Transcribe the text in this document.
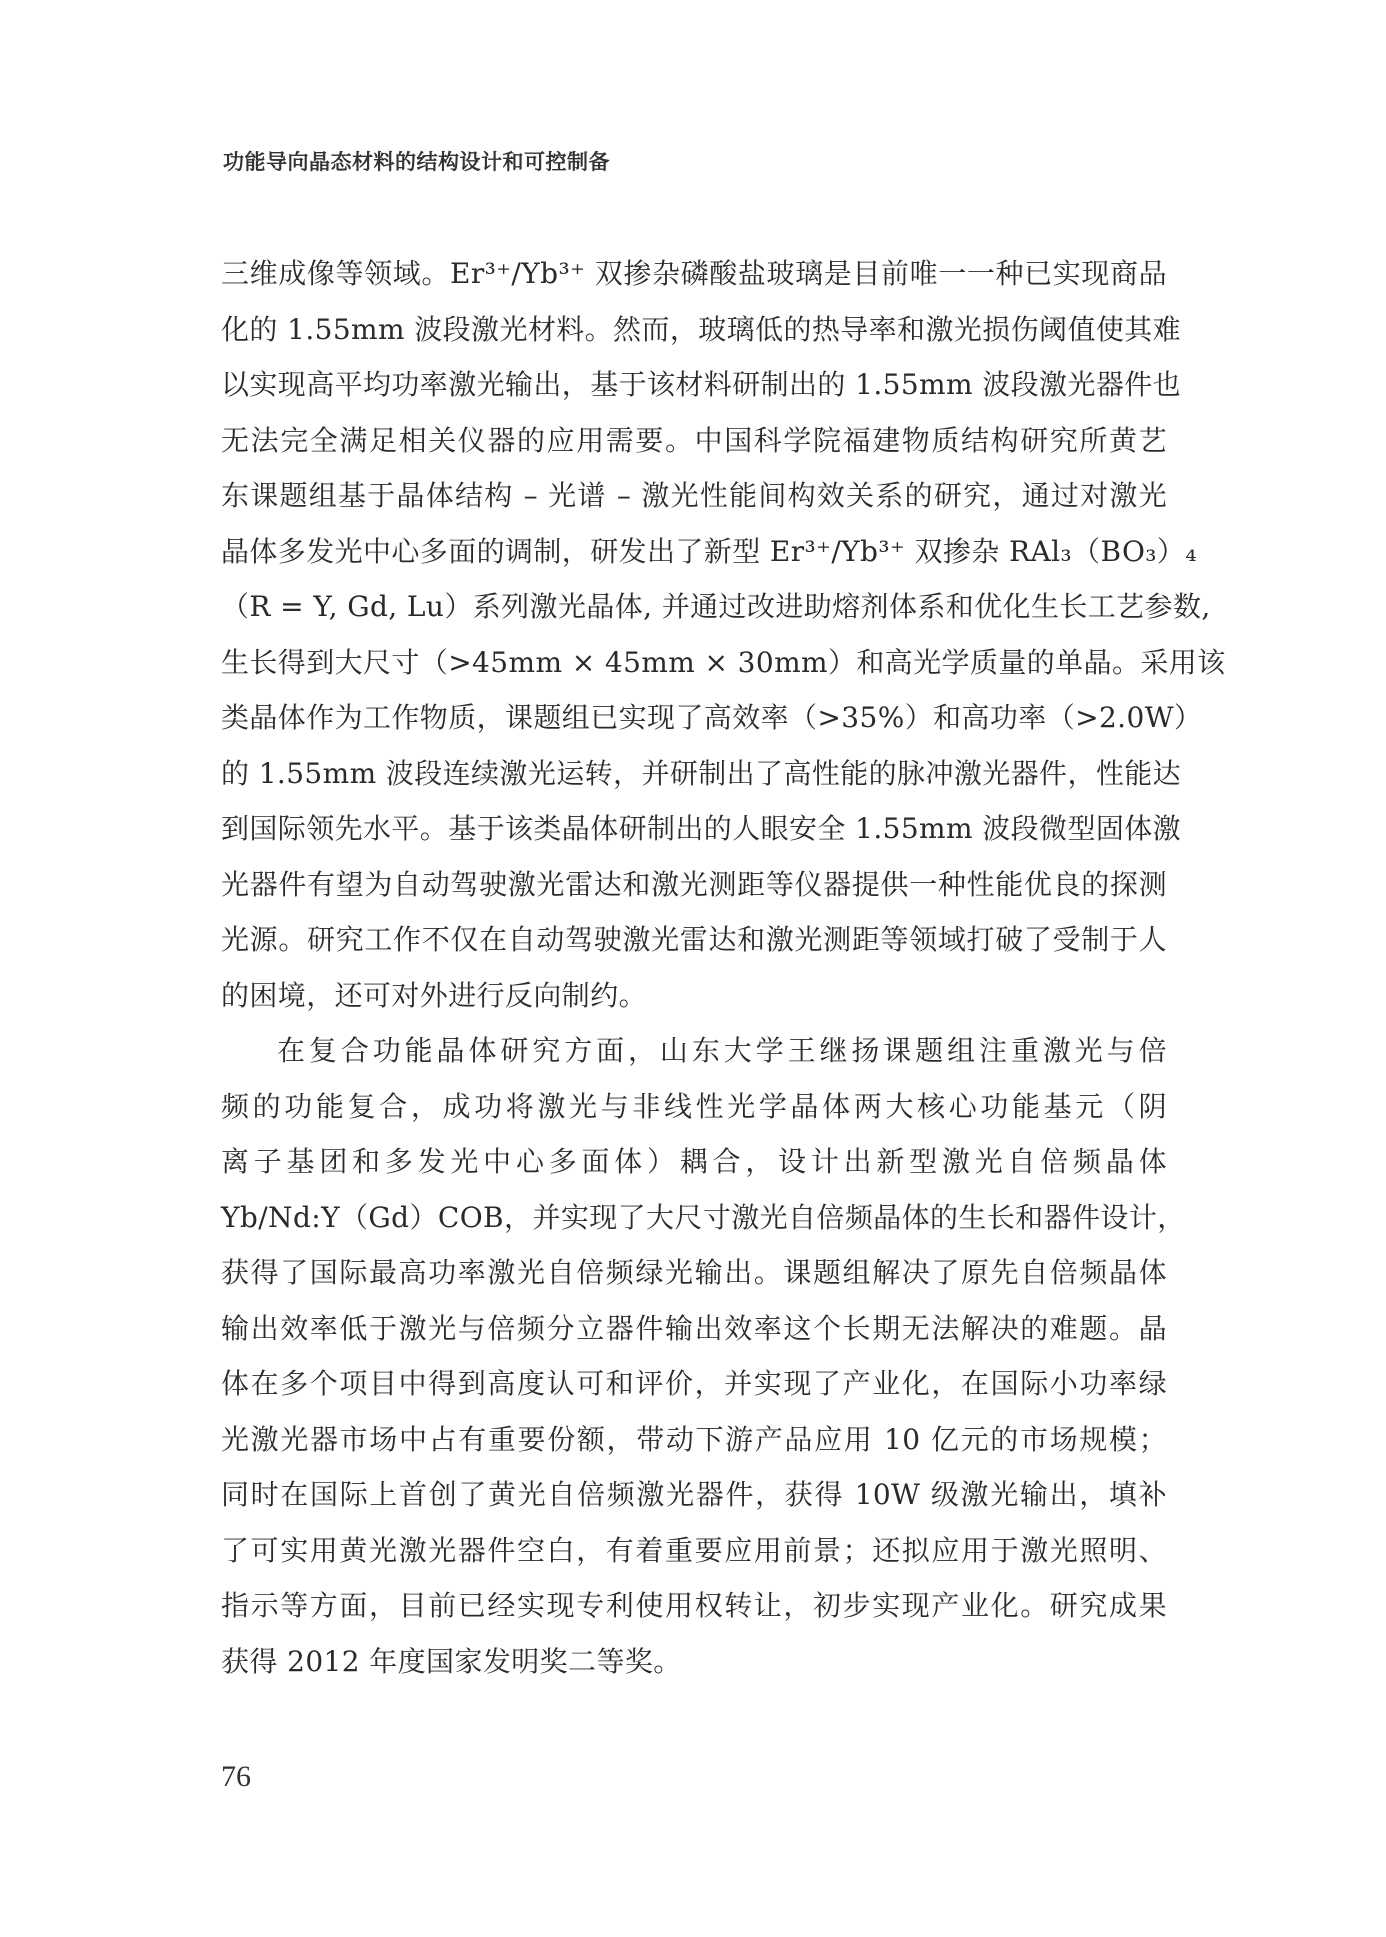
功能导向晶态材料的结构设计和可控制备
三维成像等领域。Er³⁺/Yb³⁺ 双掺杂磷酸盐玻璃是目前唯一一种已实现商品
化的 1.55mm 波段激光材料。然而，玻璃低的热导率和激光损伤阈值使其难
以实现高平均功率激光输出，基于该材料研制出的 1.55mm 波段激光器件也
无法完全满足相关仪器的应用需要。中国科学院福建物质结构研究所黄艺
东课题组基于晶体结构 – 光谱 – 激光性能间构效关系的研究，通过对激光
晶体多发光中心多面的调制，研发出了新型 Er³⁺/Yb³⁺ 双掺杂 RAl₃（BO₃）₄
（R = Y, Gd, Lu）系列激光晶体, 并通过改进助熔剂体系和优化生长工艺参数,
生长得到大尺寸（>45mm × 45mm × 30mm）和高光学质量的单晶。采用该
类晶体作为工作物质，课题组已实现了高效率（>35%）和高功率（>2.0W）
的 1.55mm 波段连续激光运转，并研制出了高性能的脉冲激光器件，性能达
到国际领先水平。基于该类晶体研制出的人眼安全 1.55mm 波段微型固体激
光器件有望为自动驾驶激光雷达和激光测距等仪器提供一种性能优良的探测
光源。研究工作不仅在自动驾驶激光雷达和激光测距等领域打破了受制于人
的困境，还可对外进行反向制约。
在复合功能晶体研究方面，山东大学王继扬课题组注重激光与倍
频的功能复合，成功将激光与非线性光学晶体两大核心功能基元（阴
离子基团和多发光中心多面体）耦合，设计出新型激光自倍频晶体
Yb/Nd:Y（Gd）COB，并实现了大尺寸激光自倍频晶体的生长和器件设计，
获得了国际最高功率激光自倍频绿光输出。课题组解决了原先自倍频晶体
输出效率低于激光与倍频分立器件输出效率这个长期无法解决的难题。晶
体在多个项目中得到高度认可和评价，并实现了产业化，在国际小功率绿
光激光器市场中占有重要份额，带动下游产品应用 10 亿元的市场规模；
同时在国际上首创了黄光自倍频激光器件，获得 10W 级激光输出，填补
了可实用黄光激光器件空白，有着重要应用前景；还拟应用于激光照明、
指示等方面，目前已经实现专利使用权转让，初步实现产业化。研究成果
获得 2012 年度国家发明奖二等奖。
76
